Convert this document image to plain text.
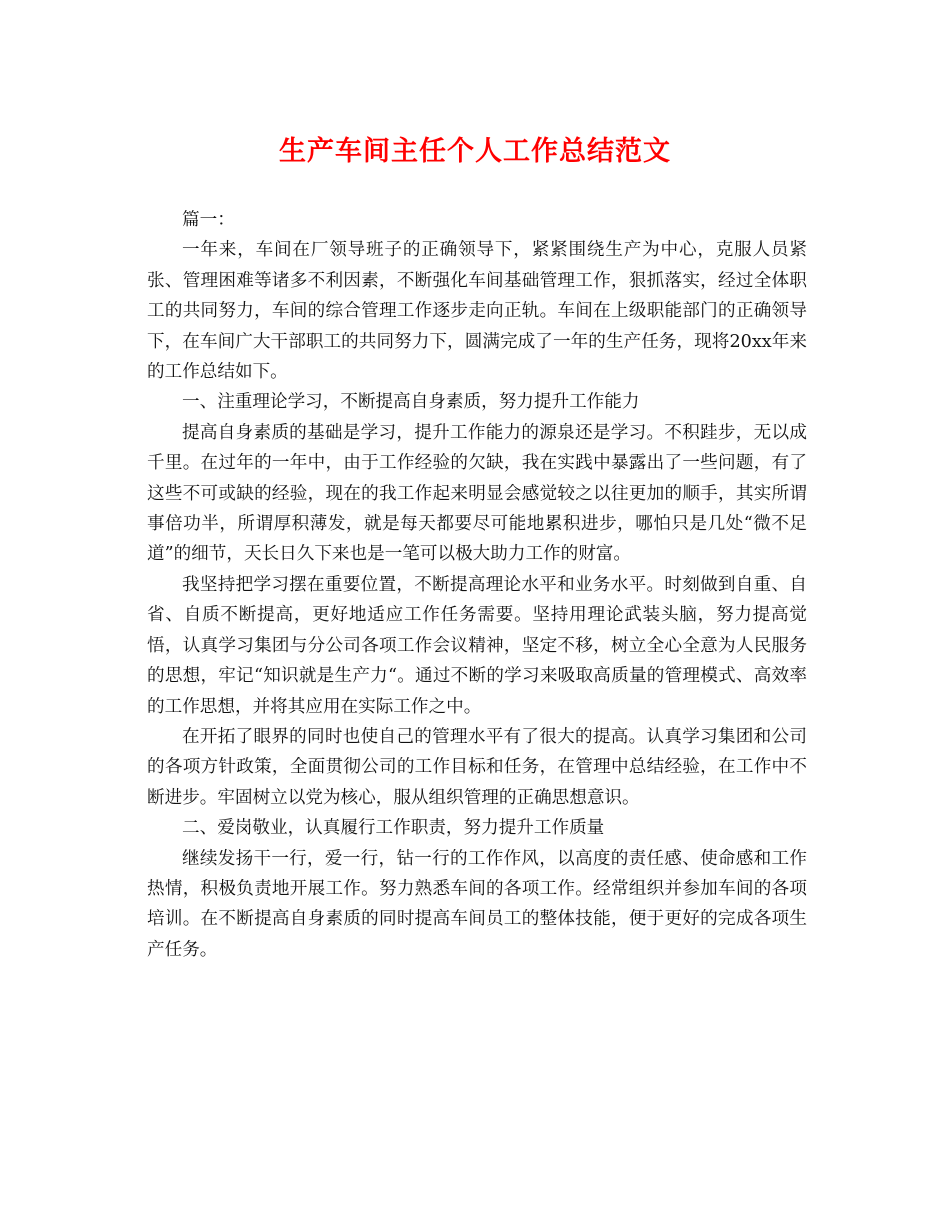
生产车间主任个人工作总结范文

篇一：

一年来，车间在厂领导班子的正确领导下，紧紧围绕生产为中心，克服人员紧张、管理困难等诸多不利因素，不断强化车间基础管理工作，狠抓落实，经过全体职工的共同努力，车间的综合管理工作逐步走向正轨。车间在上级职能部门的正确领导下，在车间广大干部职工的共同努力下，圆满完成了一年的生产任务，现将20xx年来的工作总结如下。

一、注重理论学习，不断提高自身素质，努力提升工作能力

提高自身素质的基础是学习，提升工作能力的源泉还是学习。不积跬步，无以成千里。在过年的一年中，由于工作经验的欠缺，我在实践中暴露出了一些问题，有了这些不可或缺的经验，现在的我工作起来明显会感觉较之以往更加的顺手，其实所谓事倍功半，所谓厚积薄发，就是每天都要尽可能地累积进步，哪怕只是几处“微不足道”的细节，天长日久下来也是一笔可以极大助力工作的财富。

我坚持把学习摆在重要位置，不断提高理论水平和业务水平。时刻做到自重、自省、自质不断提高，更好地适应工作任务需要。坚持用理论武装头脑，努力提高觉悟，认真学习集团与分公司各项工作会议精神，坚定不移，树立全心全意为人民服务的思想，牢记“知识就是生产力“。通过不断的学习来吸取高质量的管理模式、高效率的工作思想，并将其应用在实际工作之中。

在开拓了眼界的同时也使自己的管理水平有了很大的提高。认真学习集团和公司的各项方针政策，全面贯彻公司的工作目标和任务，在管理中总结经验，在工作中不断进步。牢固树立以党为核心，服从组织管理的正确思想意识。

二、爱岗敬业，认真履行工作职责，努力提升工作质量

继续发扬干一行，爱一行，钻一行的工作作风，以高度的责任感、使命感和工作热情，积极负责地开展工作。努力熟悉车间的各项工作。经常组织并参加车间的各项培训。在不断提高自身素质的同时提高车间员工的整体技能，便于更好的完成各项生产任务。
